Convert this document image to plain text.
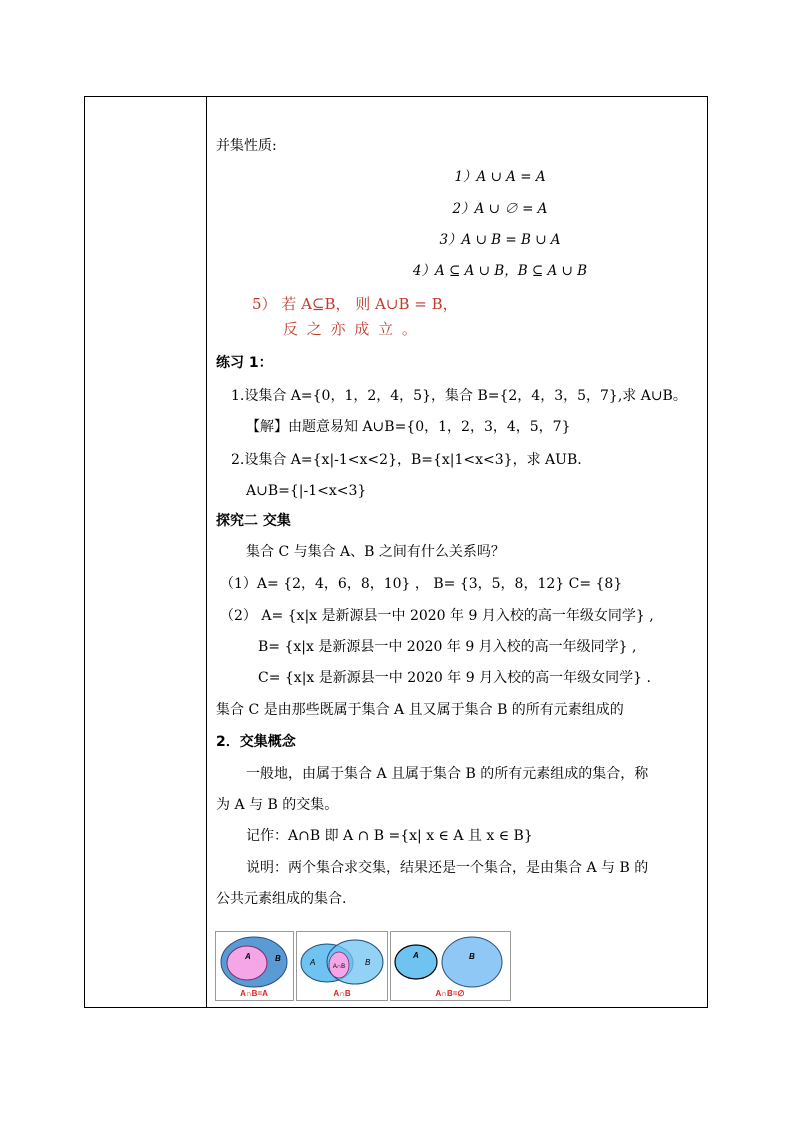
并集性质:
1）A ∪ A = A
2）A ∪ ∅ = A
3）A ∪ B = B ∪ A
4）A ⊆ A ∪ B，B ⊆ A ∪ B
5） 若 A⊆B， 则 A∪B = B，
反 之 亦 成 立 。
练习 1：
1.设集合 A={0，1，2，4，5}，集合 B={2，4，3，5，7},求 A∪B。
【解】由题意易知 A∪B={0，1，2，3，4，5，7}
2.设集合 A={x|-1<x<2}，B={x|1<x<3}，求 AUB.
A∪B={|-1<x<3}
探究二 交集
集合 C 与集合 A、B 之间有什么关系吗？
（1）A= {2，4，6，8，10} ， B= {3，5，8，12} C= {8}
（2） A= {x|x 是新源县一中 2020 年 9 月入校的高一年级女同学} ,
B= {x|x 是新源县一中 2020 年 9 月入校的高一年级同学} ,
C= {x|x 是新源县一中 2020 年 9 月入校的高一年级女同学} .
集合 C 是由那些既属于集合 A 且又属于集合 B 的所有元素组成的
2．交集概念
一般地，由属于集合 A 且属于集合 B 的所有元素组成的集合，称
为 A 与 B 的交集。
记作：A∩B 即 A ∩ B ={x| x ∈ A 且 x ∈ B}
说明：两个集合求交集，结果还是一个集合，是由集合 A 与 B 的
公共元素组成的集合.
A	B
A∩B=A
A	B
A∩B
A∩B
A	B
A∩B=∅
